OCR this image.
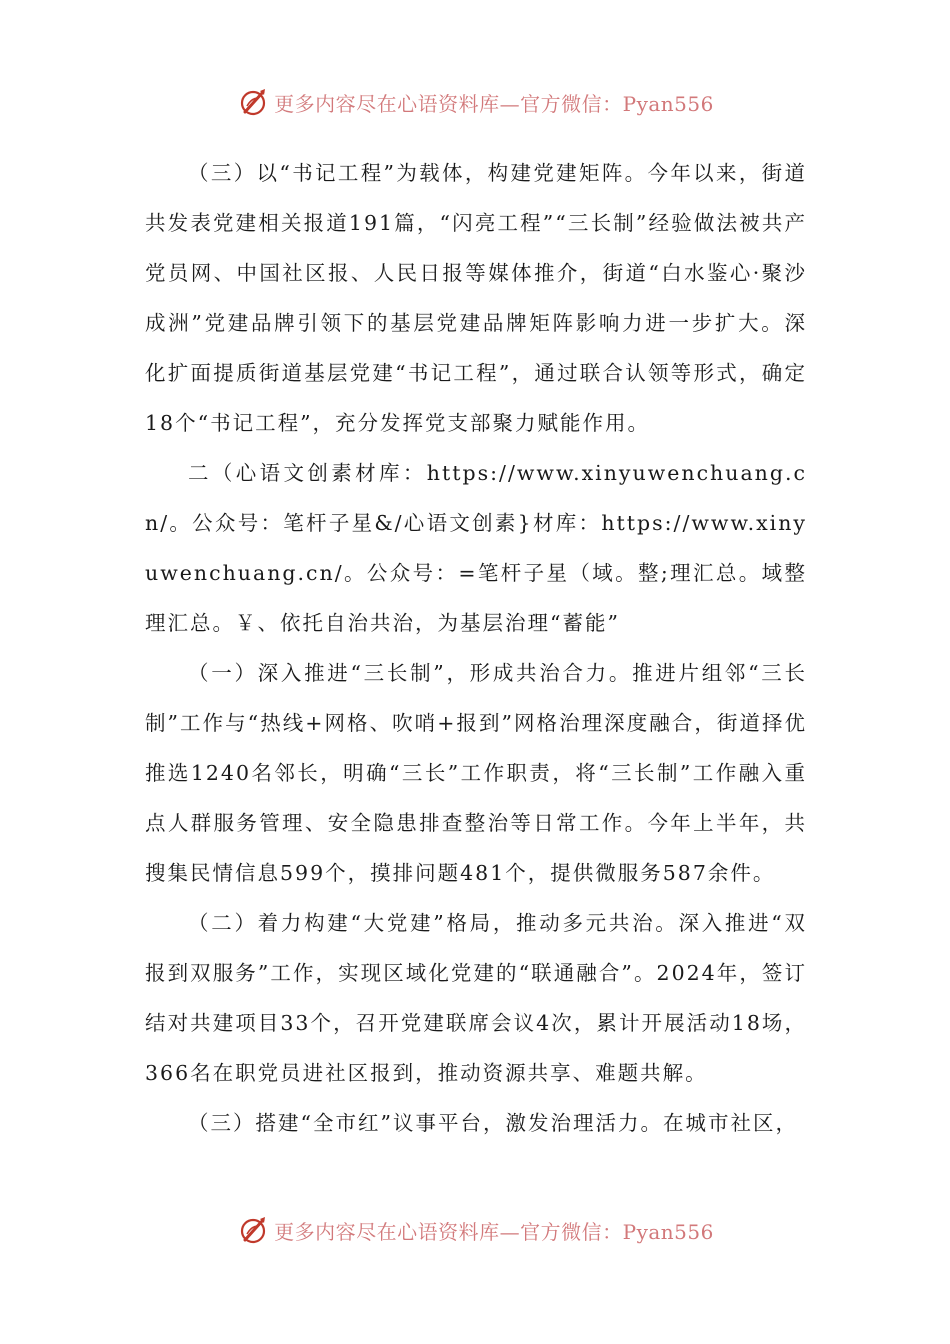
更多内容尽在心语资料库—官方微信：Pyan556

（三）以“书记工程”为载体，构建党建矩阵。今年以来，街道共发表党建相关报道191篇，“闪亮工程”“三长制”经验做法被共产党员网、中国社区报、人民日报等媒体推介，街道“白水鉴心·聚沙成洲”党建品牌引领下的基层党建品牌矩阵影响力进一步扩大。深化扩面提质街道基层党建“书记工程”，通过联合认领等形式，确定18个“书记工程”，充分发挥党支部聚力赋能作用。

二（心语文创素材库：https://www.xinyuwenchuang.cn/。公众号：笔杆子星&/心语文创素}材库：https://www.xinyuwenchuang.cn/。公众号：=笔杆子星（域。整;理汇总。域整理汇总。￥、依托自治共治，为基层治理“蓄能”

（一）深入推进“三长制”，形成共治合力。推进片组邻“三长制”工作与“热线+网格、吹哨+报到”网格治理深度融合，街道择优推选1240名邻长，明确“三长”工作职责，将“三长制”工作融入重点人群服务管理、安全隐患排查整治等日常工作。今年上半年，共搜集民情信息599个，摸排问题481个，提供微服务587余件。

（二）着力构建“大党建”格局，推动多元共治。深入推进“双报到双服务”工作，实现区域化党建的“联通融合”。2024年，签订结对共建项目33个，召开党建联席会议4次，累计开展活动18场，366名在职党员进社区报到，推动资源共享、难题共解。

（三）搭建“全市红”议事平台，激发治理活力。在城市社区，

更多内容尽在心语资料库—官方微信：Pyan556
